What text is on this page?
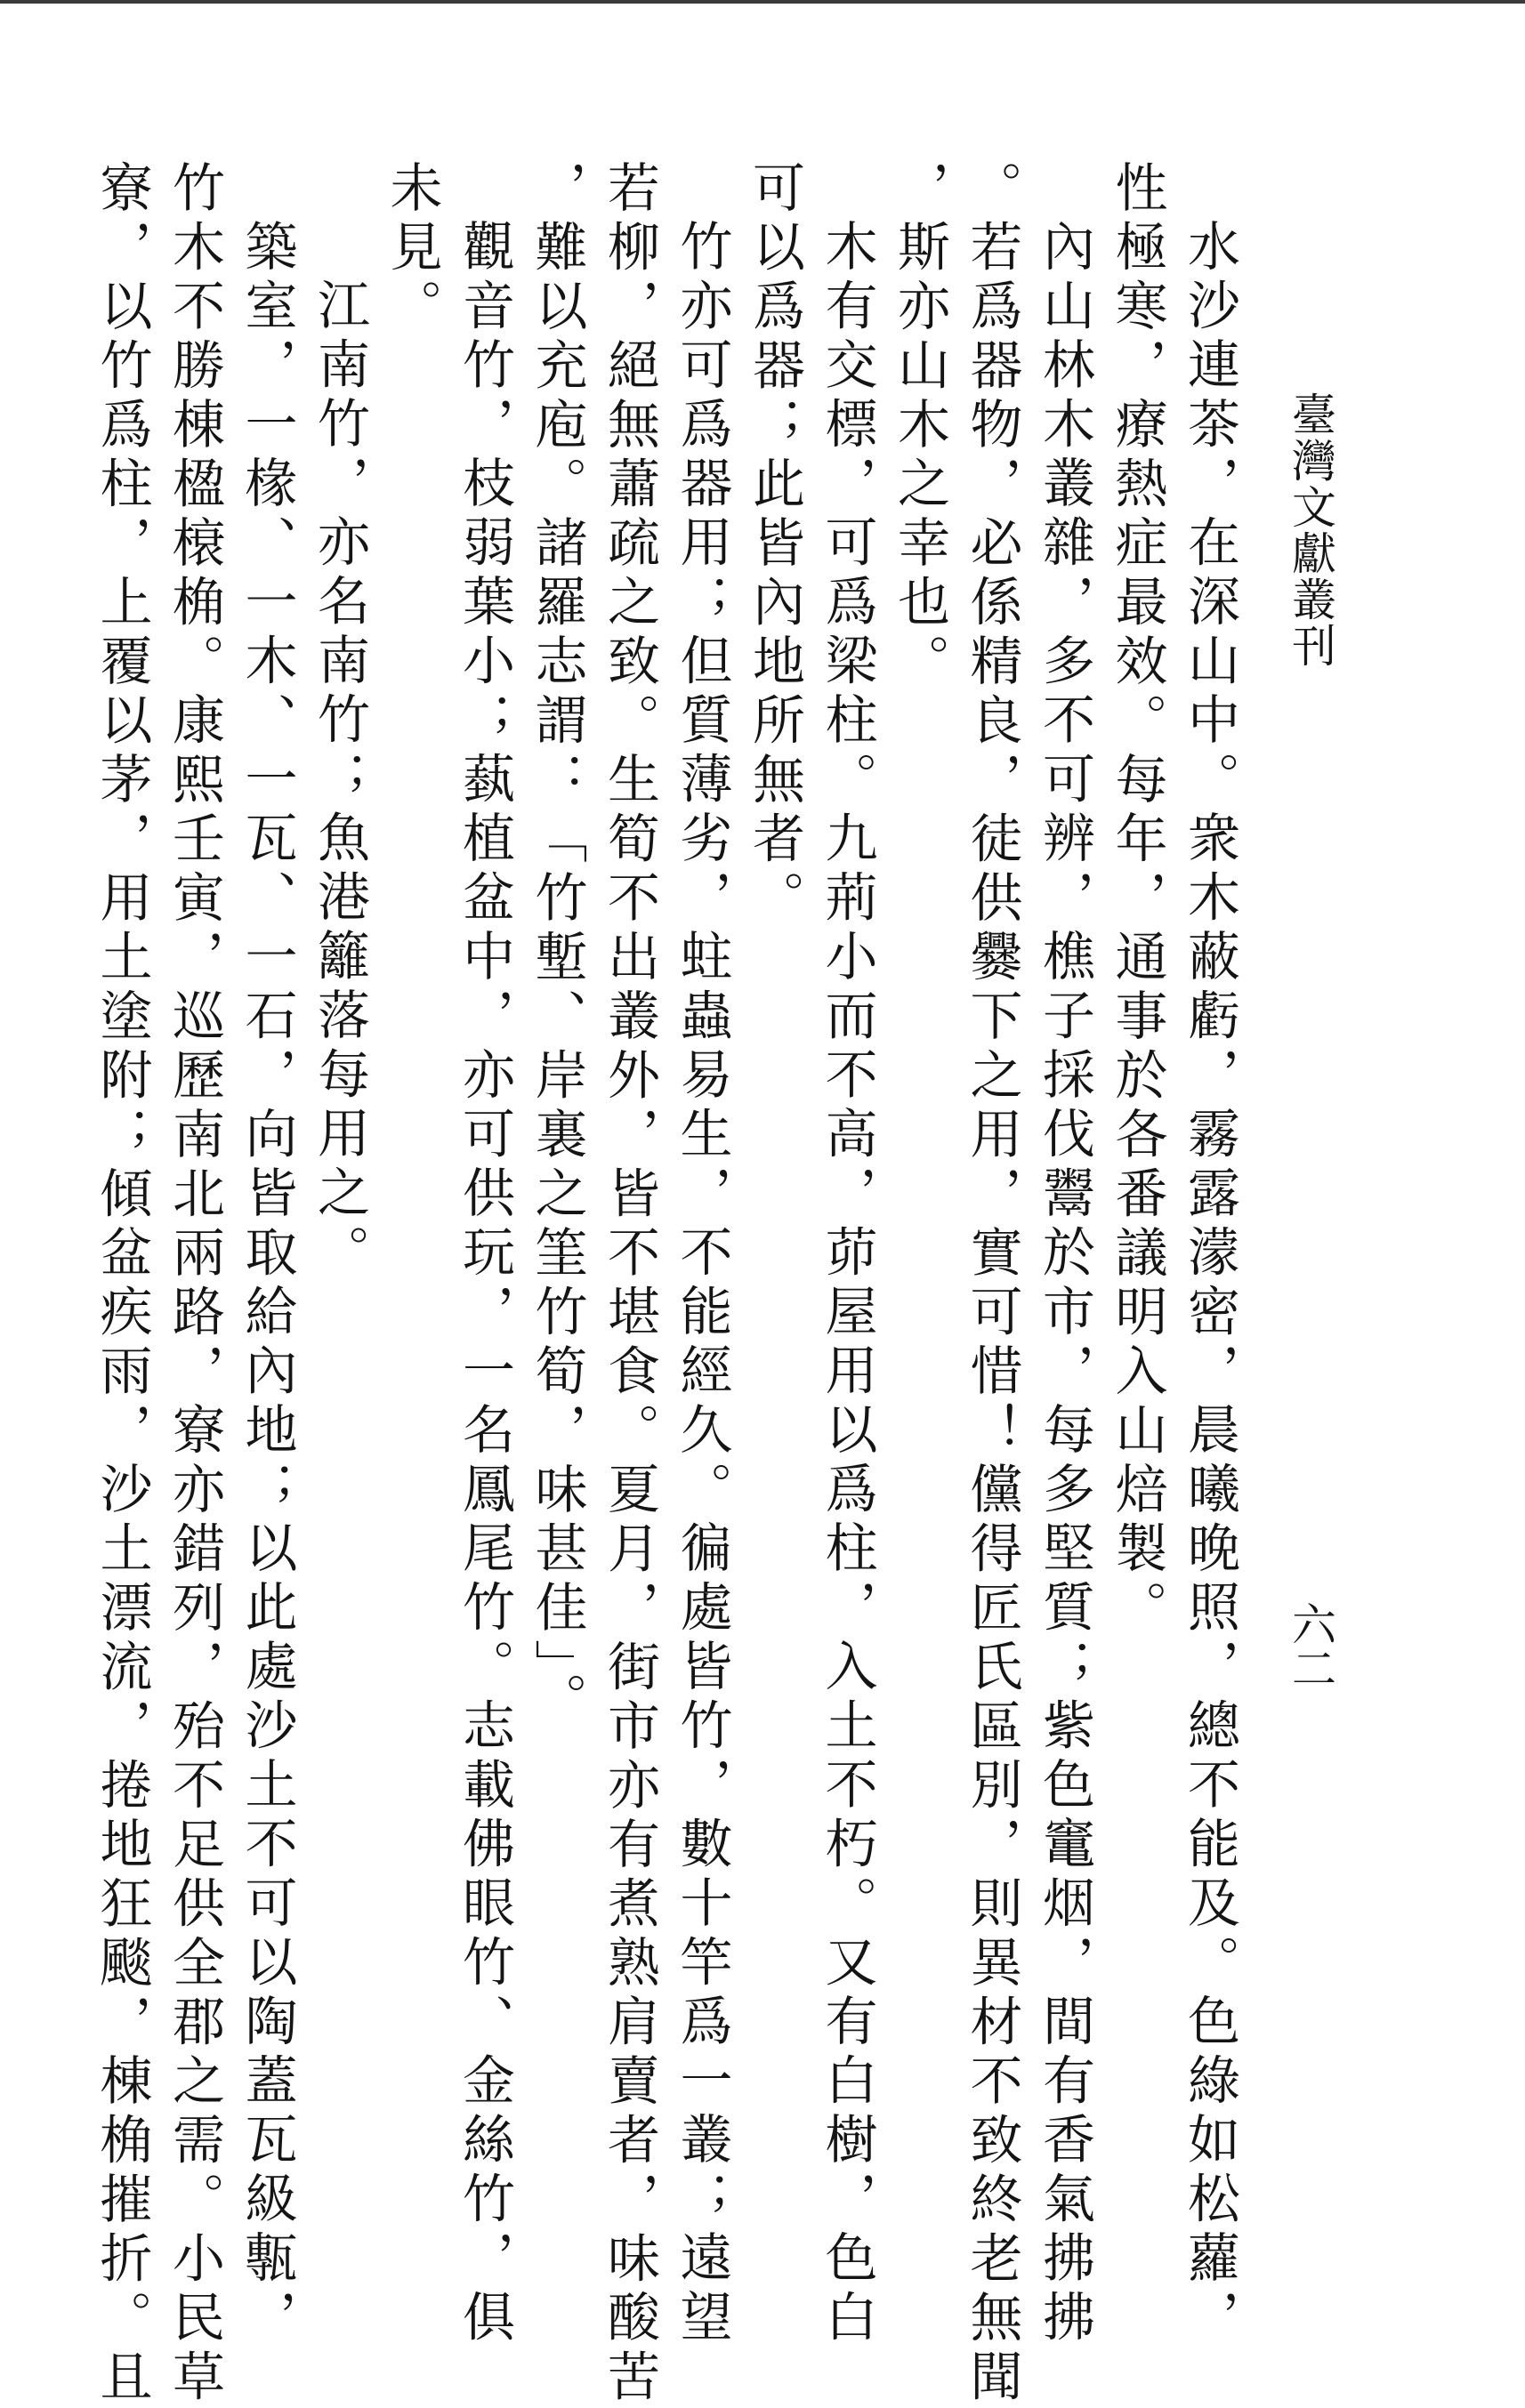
臺灣文獻叢刊
六二

水沙連茶，在深山中。衆木蔽虧，霧露濛密，晨曦晚照，總不能及。色綠如松蘿，
性極寒，療熱症最效。每年，通事於各番議明入山焙製。

內山林木叢雜，多不可辨，樵子採伐鬻於市，每多堅質；紫色竃烟，間有香氣拂拂
。若爲器物，必係精良，徒供爨下之用，實可惜！儻得匠氏區別，則異材不致終老無聞
，斯亦山木之幸也。

木有交標，可爲梁柱。九荊小而不高，茆屋用以爲柱，入土不朽。又有白樹，色白
可以爲器；此皆內地所無者。

竹亦可爲器用；但質薄劣，蛀蟲易生，不能經久。徧處皆竹，數十竿爲一叢；遠望
若柳，絕無蕭疏之致。生筍不出叢外，皆不堪食。夏月，街市亦有煮熟肩賣者，味酸苦
，難以充庖。諸羅志謂：「竹塹、岸裏之筀竹筍，味甚佳」。

觀音竹，枝弱葉小；蓺植盆中，亦可供玩，一名鳳尾竹。志載佛眼竹、金絲竹，俱
未見。

江南竹，亦名南竹；魚港籬落每用之。

築室，一椽、一木、一瓦、一石，向皆取給內地；以此處沙土不可以陶蓋瓦級甎，
竹木不勝棟楹榱桷。康熙壬寅，巡歷南北兩路，寮亦錯列，殆不足供全郡之需。小民草
寮，以竹爲柱，上覆以茅，用土塗附；傾盆疾雨，沙土漂流，捲地狂颷，棟桷摧折。且
